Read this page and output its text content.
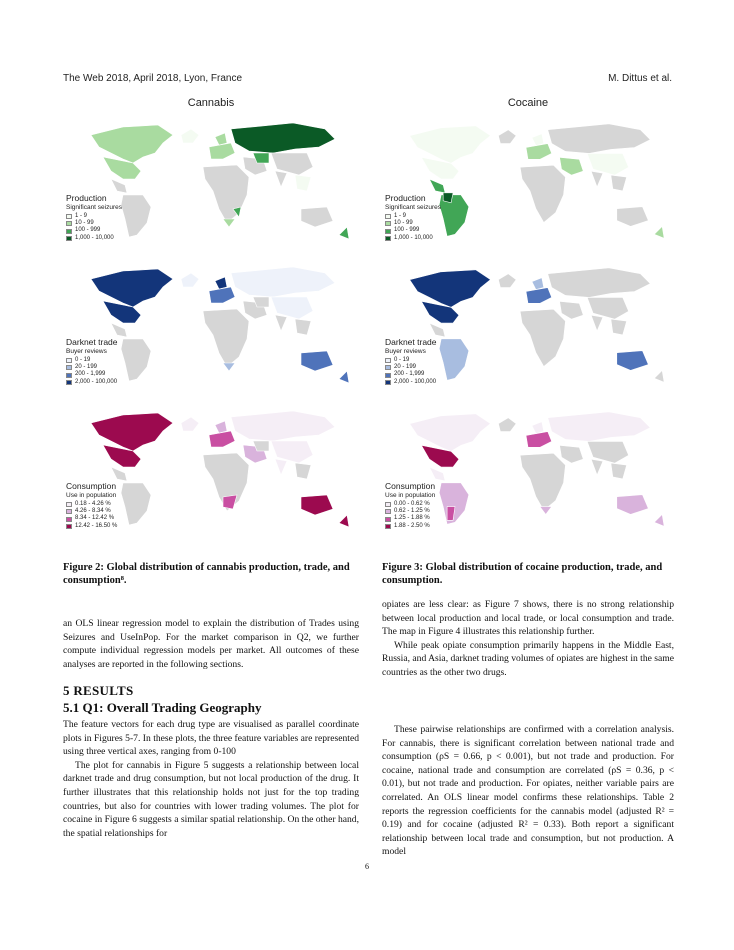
The Web 2018, April 2018, Lyon, France	M. Dittus et al.
Cannabis
Production
Significant seizures
1 - 9
10 - 99
100 - 999
1,000 - 10,000
Darknet trade
Buyer reviews
0 - 19
20 - 199
200 - 1,999
2,000 - 100,000
Consumption
Use in population
0.18 - 4.26 %
4.26 - 8.34 %
8.34 - 12.42 %
12.42 - 16.50 %
Cocaine
Production
Significant seizures
1 - 9
10 - 99
100 - 999
1,000 - 10,000
Darknet trade
Buyer reviews
0 - 19
20 - 199
200 - 1,999
2,000 - 100,000
Consumption
Use in population
0.00 - 0.62 %
0.62 - 1.25 %
1.25 - 1.88 %
1.88 - 2.50 %
Figure 2: Global distribution of cannabis production, trade, and consumption⁸.
Figure 3: Global distribution of cocaine production, trade, and consumption.
an OLS linear regression model to explain the distribution of Trades using Seizures and UseInPop. For the market comparison in Q2, we further compute individual regression models per market. All outcomes of these analyses are reported in the following sections.
5 RESULTS
5.1 Q1: Overall Trading Geography

The feature vectors for each drug type are visualised as parallel coordinate plots in Figures 5-7. In these plots, the three feature variables are represented using three vertical axes, ranging from 0-100

The plot for cannabis in Figure 5 suggests a relationship between local darknet trade and drug consumption, but not local production of the drug. It further illustrates that this relationship holds not just for the top trading countries, but also for countries with lower trading volumes. The plot for cocaine in Figure 6 suggests a similar spatial relationship. On the other hand, the spatial relationships for

opiates are less clear: as Figure 7 shows, there is no strong relationship between local production and local trade, or local consumption and trade. The map in Figure 4 illustrates this relationship further.

While peak opiate consumption primarily happens in the Middle East, Russia, and Asia, darknet trading volumes of opiates are highest in the same countries as the other two drugs.

These pairwise relationships are confirmed with a correlation analysis. For cannabis, there is significant correlation between national trade and consumption (ρS = 0.66, p < 0.001), but not trade and production. For cocaine, national trade and consumption are correlated (ρS = 0.36, p < 0.01), but not trade and production. For opiates, neither variable pairs are correlated. An OLS linear model confirms these relationships. Table 2 reports the regression coefficients for the cannabis model (adjusted R² = 0.19) and for cocaine (adjusted R² = 0.33). Both report a significant relationship between local trade and consumption, but not production. A model

6
